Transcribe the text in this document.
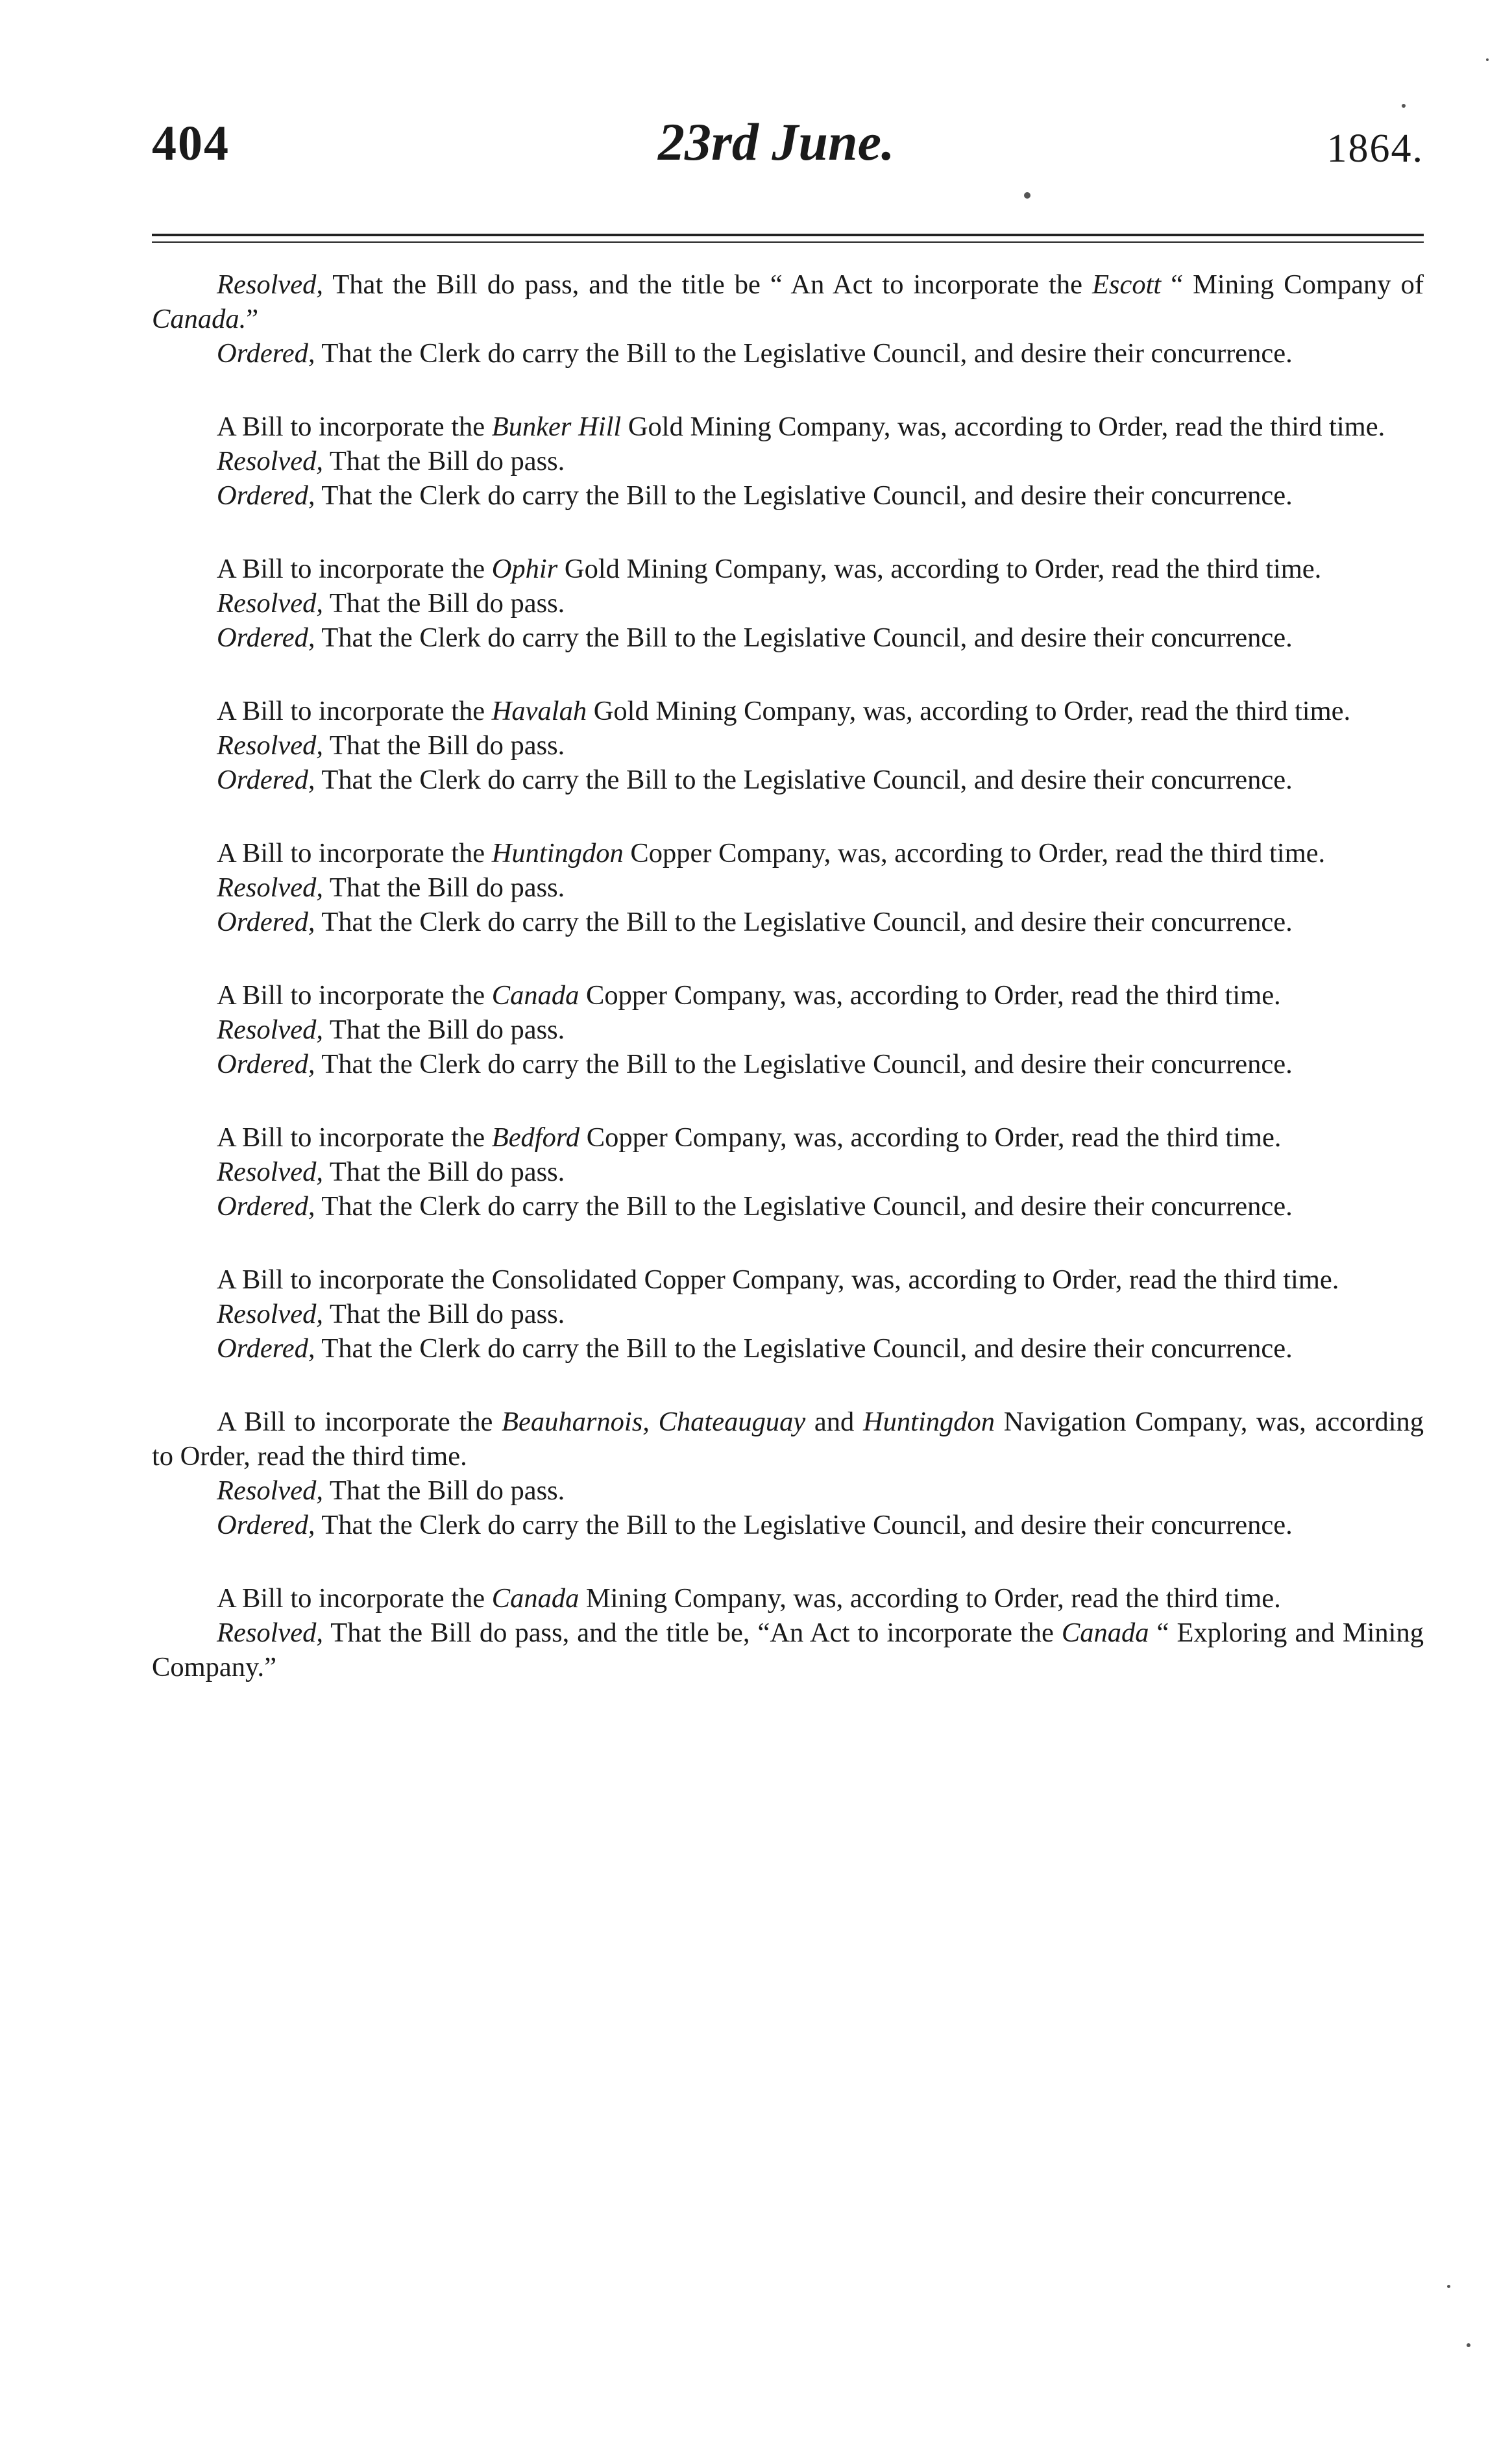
404	23rd June.	1864.

Resolved, That the Bill do pass, and the title be “ An Act to incorporate the Escott “ Mining Company of Canada.”

Ordered, That the Clerk do carry the Bill to the Legislative Council, and desire their concurrence.

A Bill to incorporate the Bunker Hill Gold Mining Company, was, according to Order, read the third time.

Resolved, That the Bill do pass.

Ordered, That the Clerk do carry the Bill to the Legislative Council, and desire their concurrence.

A Bill to incorporate the Ophir Gold Mining Company, was, according to Order, read the third time.

Resolved, That the Bill do pass.

Ordered, That the Clerk do carry the Bill to the Legislative Council, and desire their concurrence.

A Bill to incorporate the Havalah Gold Mining Company, was, according to Order, read the third time.

Resolved, That the Bill do pass.

Ordered, That the Clerk do carry the Bill to the Legislative Council, and desire their concurrence.

A Bill to incorporate the Huntingdon Copper Company, was, according to Order, read the third time.

Resolved, That the Bill do pass.

Ordered, That the Clerk do carry the Bill to the Legislative Council, and desire their concurrence.

A Bill to incorporate the Canada Copper Company, was, according to Order, read the third time.

Resolved, That the Bill do pass.

Ordered, That the Clerk do carry the Bill to the Legislative Council, and desire their concurrence.

A Bill to incorporate the Bedford Copper Company, was, according to Order, read the third time.

Resolved, That the Bill do pass.

Ordered, That the Clerk do carry the Bill to the Legislative Council, and desire their concurrence.

A Bill to incorporate the Consolidated Copper Company, was, according to Order, read the third time.

Resolved, That the Bill do pass.

Ordered, That the Clerk do carry the Bill to the Legislative Council, and desire their concurrence.

A Bill to incorporate the Beauharnois, Chateauguay and Huntingdon Navigation Company, was, according to Order, read the third time.

Resolved, That the Bill do pass.

Ordered, That the Clerk do carry the Bill to the Legislative Council, and desire their concurrence.

A Bill to incorporate the Canada Mining Company, was, according to Order, read the third time.

Resolved, That the Bill do pass, and the title be, “An Act to incorporate the Canada “ Exploring and Mining Company.”
